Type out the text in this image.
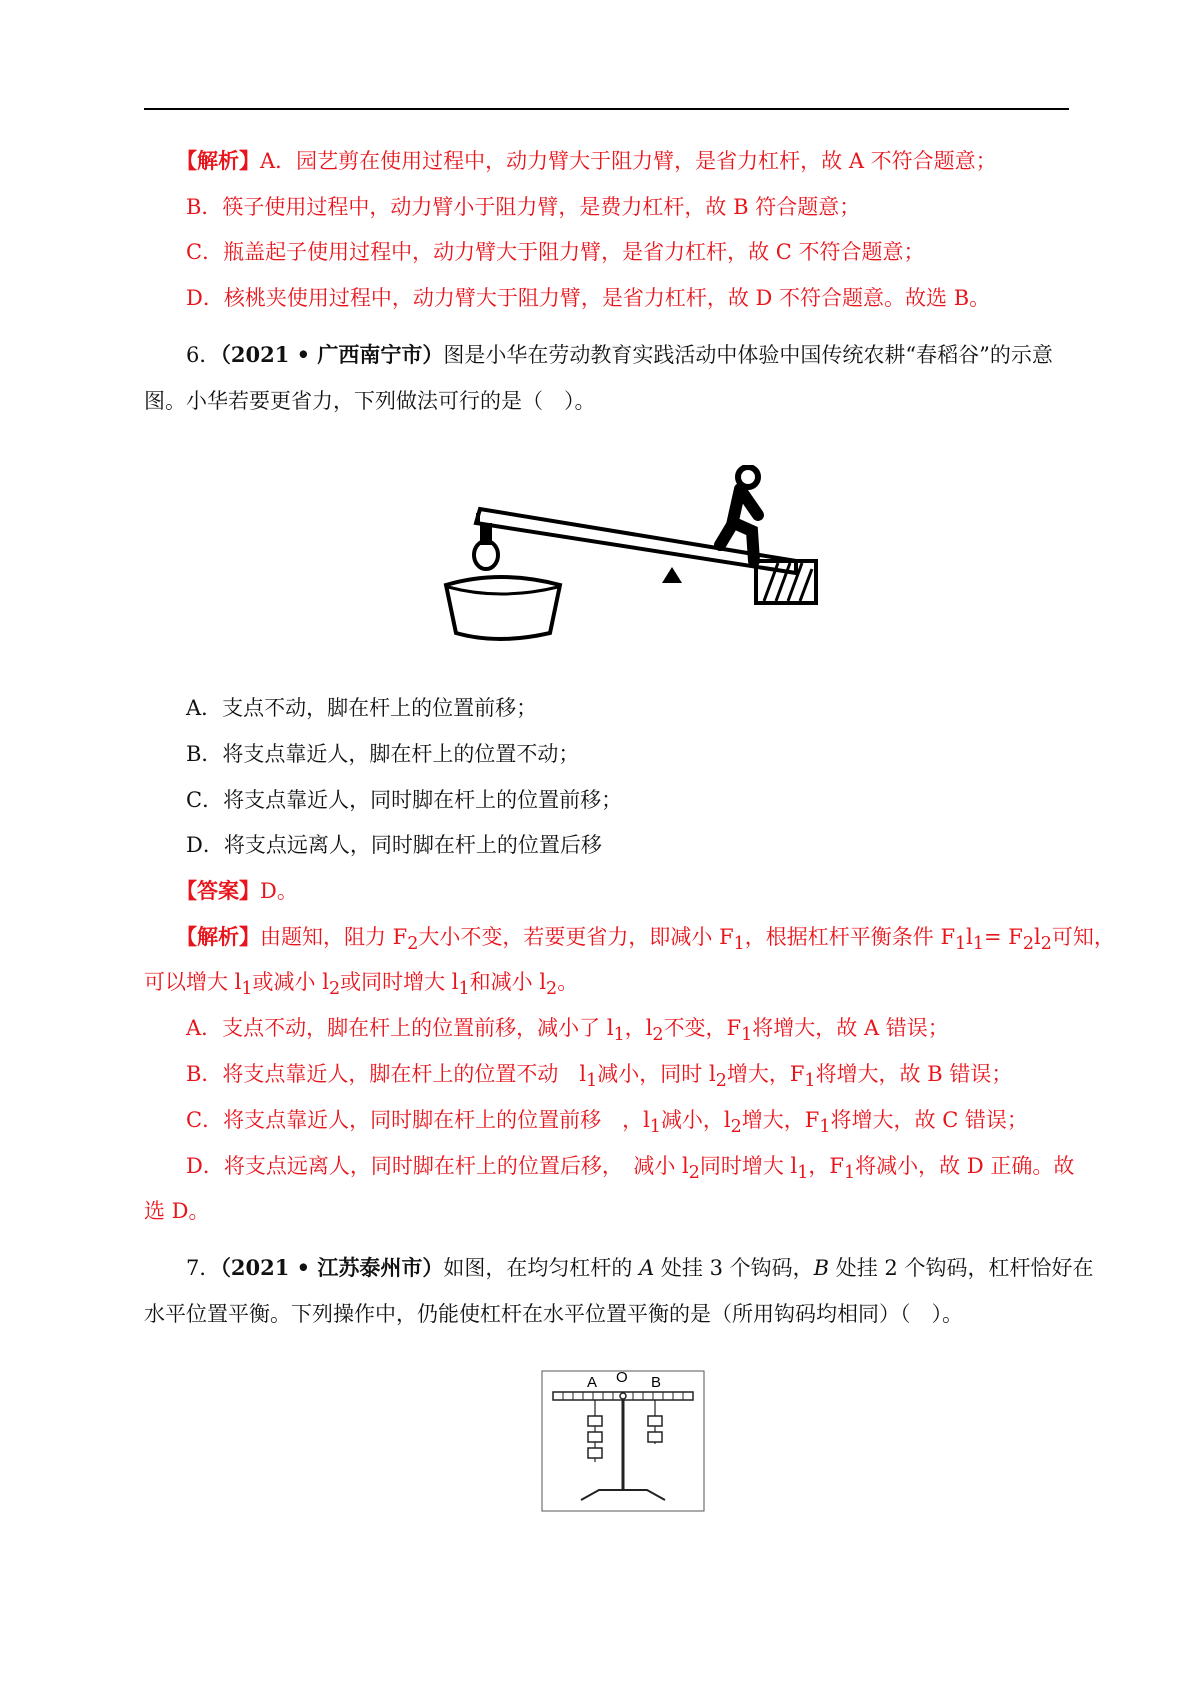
【解析】A．园艺剪在使用过程中，动力臂大于阻力臂，是省力杠杆，故 A 不符合题意；
B．筷子使用过程中，动力臂小于阻力臂，是费力杠杆，故 B 符合题意；
C．瓶盖起子使用过程中，动力臂大于阻力臂，是省力杠杆，故 C 不符合题意；
D．核桃夹使用过程中，动力臂大于阻力臂，是省力杠杆，故 D 不符合题意。故选 B。
6．（2021 • 广西南宁市）图是小华在劳动教育实践活动中体验中国传统农耕“春稻谷”的示意
图。小华若要更省力，下列做法可行的是（　）。
A．支点不动，脚在杆上的位置前移；
B．将支点靠近人，脚在杆上的位置不动；
C．将支点靠近人，同时脚在杆上的位置前移；
D．将支点远离人，同时脚在杆上的位置后移
【答案】D。
【解析】由题知，阻力 $F_2$大小不变，若要更省力，即减小 $F_1$，根据杠杆平衡条件 $F_1l_1= F_2l_2$可知，
可以增大 $l_1$或减小 $l_2$或同时增大 $l_1$和减小 $l_2$。
A．支点不动，脚在杆上的位置前移，减小了 $l_1$，$l_2$不变，$F_1$将增大，故 A 错误；
B．将支点靠近人，脚在杆上的位置不动　$l_1$减小，同时 $l_2$增大，$F_1$将增大，故 B 错误；
C．将支点靠近人，同时脚在杆上的位置前移　，$l_1$减小，$l_2$增大，$F_1$将增大，故 C 错误；
D．将支点远离人，同时脚在杆上的位置后移，　减小 $l_2$同时增大 $l_1$，$F_1$将减小，故 D 正确。故
选 D。
7．（2021 • 江苏泰州市）如图，在均匀杠杆的 A 处挂 3 个钩码，B 处挂 2 个钩码，杠杆恰好在
水平位置平衡。下列操作中，仍能使杠杆在水平位置平衡的是（所用钩码均相同）（　）。
A O B
